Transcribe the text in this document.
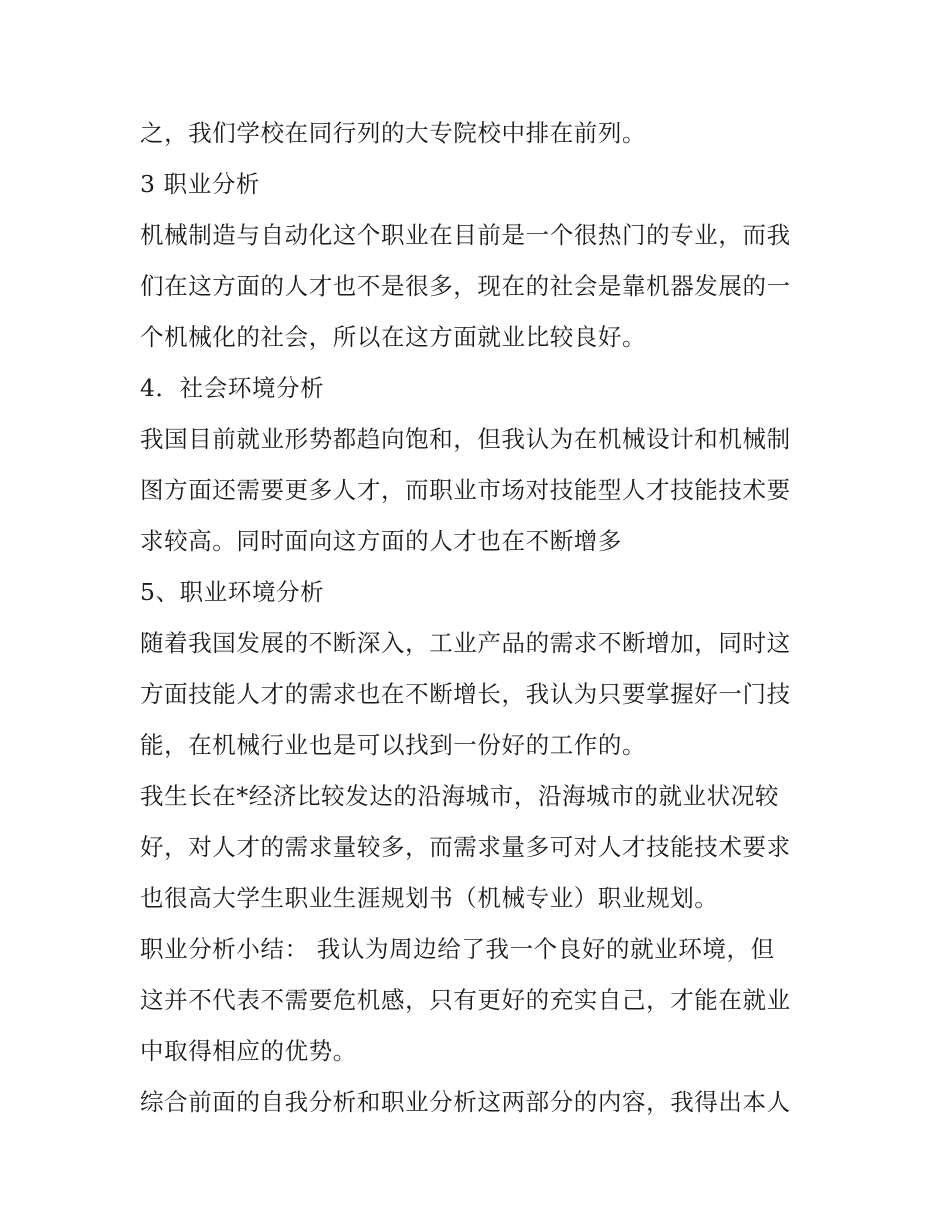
之，我们学校在同行列的大专院校中排在前列。
3 职业分析
机械制造与自动化这个职业在目前是一个很热门的专业，而我
们在这方面的人才也不是很多，现在的社会是靠机器发展的一
个机械化的社会，所以在这方面就业比较良好。
4．社会环境分析
我国目前就业形势都趋向饱和，但我认为在机械设计和机械制
图方面还需要更多人才，而职业市场对技能型人才技能技术要
求较高。同时面向这方面的人才也在不断增多
5、职业环境分析
随着我国发展的不断深入，工业产品的需求不断增加，同时这
方面技能人才的需求也在不断增长，我认为只要掌握好一门技
能，在机械行业也是可以找到一份好的工作的。
我生长在*经济比较发达的沿海城市，沿海城市的就业状况较
好，对人才的需求量较多，而需求量多可对人才技能技术要求
也很高大学生职业生涯规划书（机械专业）职业规划。
职业分析小结： 我认为周边给了我一个良好的就业环境，但
这并不代表不需要危机感，只有更好的充实自己，才能在就业
中取得相应的优势。
综合前面的自我分析和职业分析这两部分的内容，我得出本人
